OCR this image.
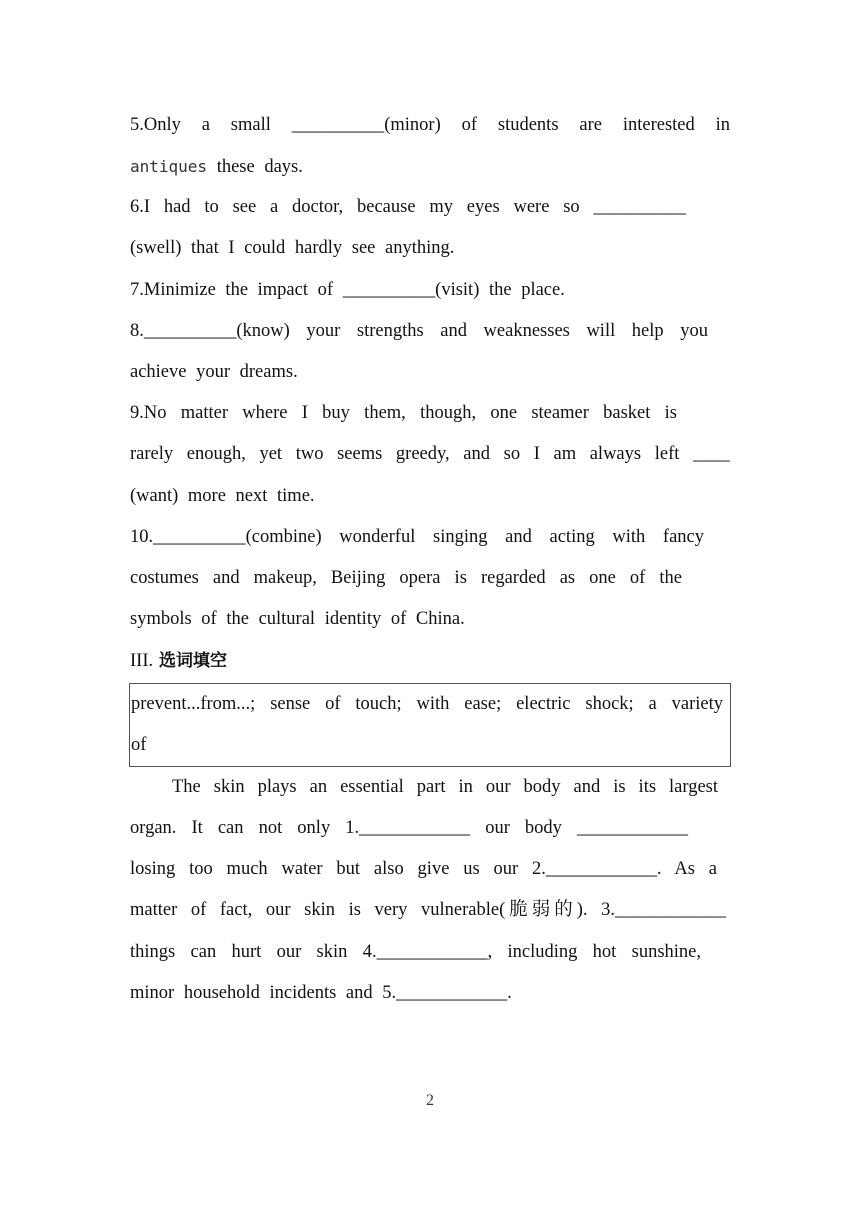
5.Only a small __________(minor) of students are interested in
antiques these days.
6.I had to see a doctor, because my eyes were so __________
(swell) that I could hardly see anything.
7.Minimize the impact of __________(visit) the place.
8.__________(know) your strengths and weaknesses will help you
achieve your dreams.
9.No matter where I buy them, though, one steamer basket is
rarely enough, yet two seems greedy, and so I am always left ____
(want) more next time.
10.__________(combine) wonderful singing and acting with fancy
costumes and makeup, Beijing opera is regarded as one of the
symbols of the cultural identity of China.
III. 选词填空
prevent...from...; sense of touch; with ease; electric shock; a variety
of
The skin plays an essential part in our body and is its largest
organ. It can not only 1.____________ our body ____________
losing too much water but also give us our 2.____________. As a
matter of fact, our skin is very vulnerable(脆弱的). 3.____________
things can hurt our skin 4.____________, including hot sunshine,
minor household incidents and 5.____________.
2
